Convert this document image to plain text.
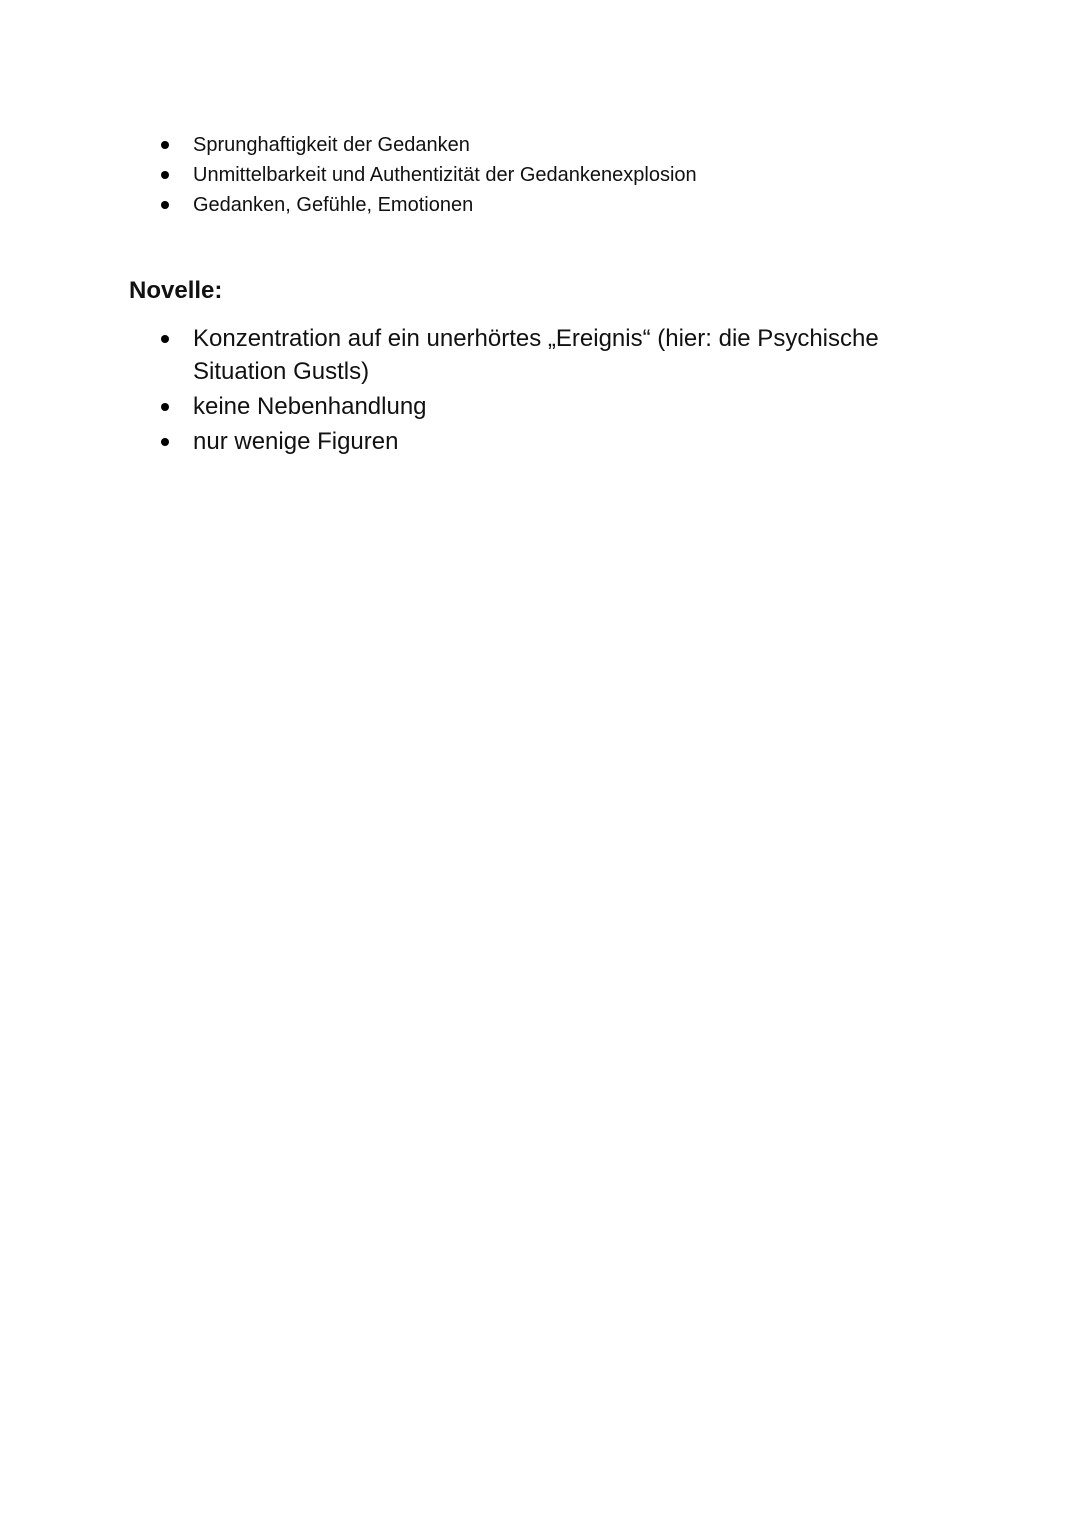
Sprunghaftigkeit der Gedanken
Unmittelbarkeit und Authentizität der Gedankenexplosion
Gedanken, Gefühle, Emotionen
Novelle:
Konzentration auf ein unerhörtes „Ereignis“ (hier: die Psychische Situation Gustls)
keine Nebenhandlung
nur wenige Figuren
